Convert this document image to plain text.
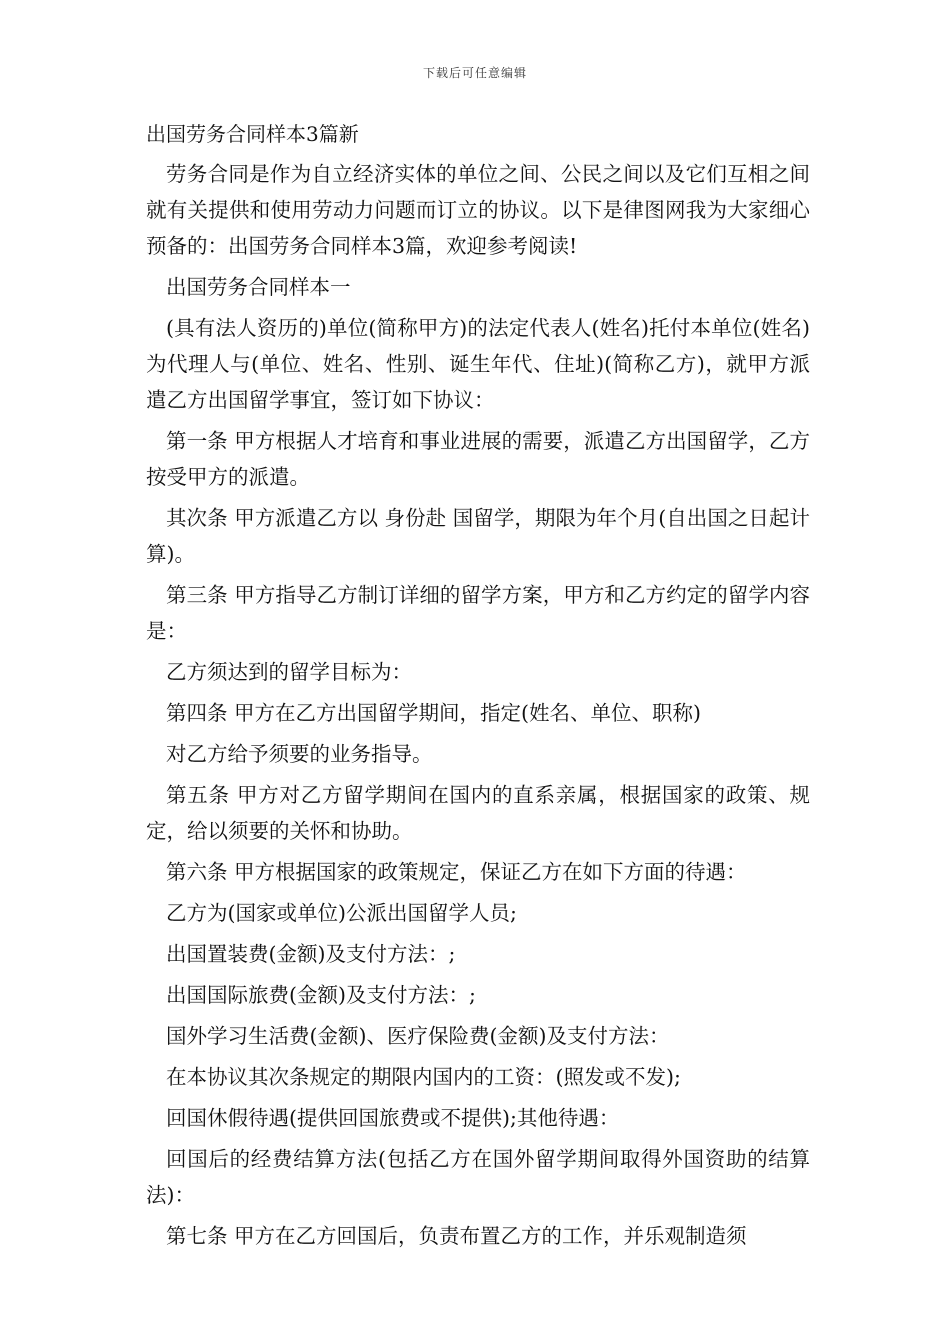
下载后可任意编辑
出国劳务合同样本3篇新

劳务合同是作为自立经济实体的单位之间、公民之间以及它们互相之间就有关提供和使用劳动力问题而订立的协议。以下是律图网我为大家细心预备的：出国劳务合同样本3篇，欢迎参考阅读!

出国劳务合同样本一

(具有法人资历的)单位(简称甲方)的法定代表人(姓名)托付本单位(姓名)为代理人与(单位、姓名、性别、诞生年代、住址)(简称乙方)，就甲方派遣乙方出国留学事宜，签订如下协议：

第一条 甲方根据人才培育和事业进展的需要，派遣乙方出国留学，乙方按受甲方的派遣。

其次条 甲方派遣乙方以 身份赴 国留学，期限为年个月(自出国之日起计算)。

第三条 甲方指导乙方制订详细的留学方案，甲方和乙方约定的留学内容是：

乙方须达到的留学目标为：

第四条 甲方在乙方出国留学期间，指定(姓名、单位、职称)

对乙方给予须要的业务指导。

第五条 甲方对乙方留学期间在国内的直系亲属，根据国家的政策、规定，给以须要的关怀和协助。

第六条 甲方根据国家的政策规定，保证乙方在如下方面的待遇：

乙方为(国家或单位)公派出国留学人员;

出国置装费(金额)及支付方法：;

出国国际旅费(金额)及支付方法：;

国外学习生活费(金额)、医疗保险费(金额)及支付方法：

在本协议其次条规定的期限内国内的工资：(照发或不发);

回国休假待遇(提供回国旅费或不提供);其他待遇：

回国后的经费结算方法(包括乙方在国外留学期间取得外国资助的结算法)：

第七条 甲方在乙方回国后，负责布置乙方的工作，并乐观制造须
